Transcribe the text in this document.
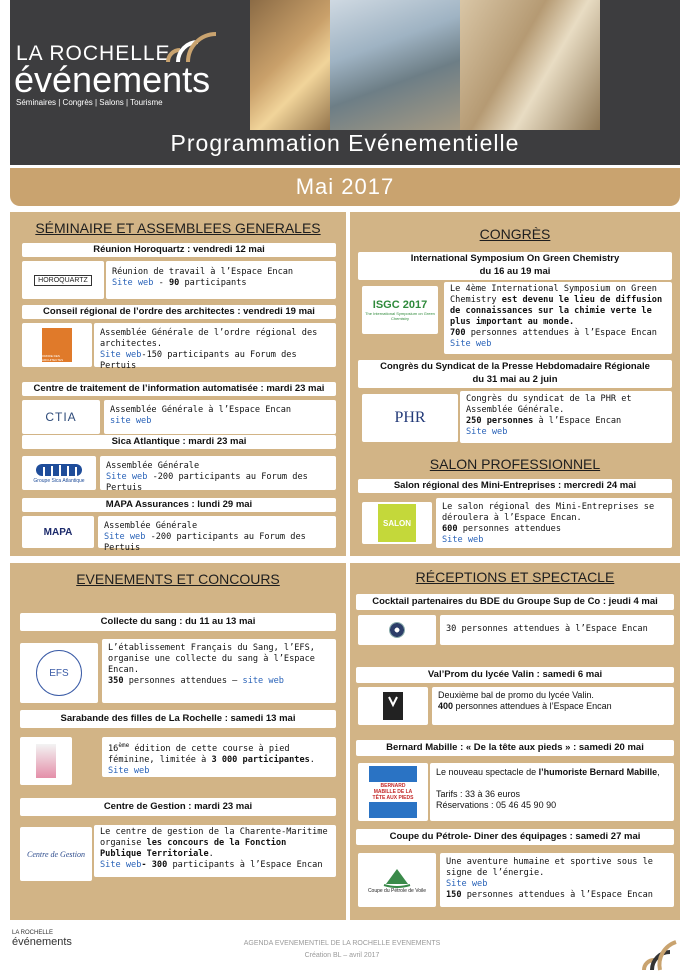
LA ROCHELLE
événements
Séminaires | Congrès | Salons | Tourisme
Programmation Evénementielle
Mai 2017
SÉMINAIRE ET ASSEMBLEES GENERALES
Réunion Horoquartz : vendredi 12 mai
HOROQUARTZ
Réunion de travail à l’Espace Encan
Site web - 90 participants
Conseil régional de l’ordre des architectes : vendredi 19 mai
ORDRE DES ARCHITECTES
Assemblée Générale de l’ordre régional des architectes.
Site web-150 participants au Forum des Pertuis
Centre de traitement de l’information automatisée : mardi 23 mai
CTIA	Assemblée Générale à l’Espace Encan
site web
Sica Atlantique : mardi 23 mai
Groupe Sica Atlantique
Assemblée Générale
Site web -200 participants au Forum des Pertuis
MAPA Assurances : lundi 29 mai
MAPA
Assemblée Générale
Site web -200 participants au Forum des Pertuis
CONGRÈS
International Symposium On Green Chemistry
du 16 au 19 mai
ISGC 2017
The International Symposium on Green Chemistry
Le 4ème International Symposium on Green Chemistry est devenu le lieu de diffusion de connaissances sur la chimie verte le plus important au monde.
700 personnes attendues à l’Espace Encan
Site web
Congrès du Syndicat de la Presse Hebdomadaire Régionale
du 31 mai au 2 juin
PHR
Congrès du syndicat de la PHR et Assemblée Générale.
250 personnes à l’Espace Encan
Site web
SALON PROFESSIONNEL
Salon régional des Mini-Entreprises : mercredi 24 mai
SALON
Le salon régional des Mini-Entreprises se déroulera à l’Espace Encan.
600 personnes attendues
Site web
EVENEMENTS ET CONCOURS
Collecte du sang : du 11 au 13 mai
EFS
L’établissement Français du Sang, l’EFS, organise une collecte du sang à l’Espace Encan.
350 personnes attendues – site web
Sarabande des filles de La Rochelle : samedi 13 mai
16ème édition de cette course à pied féminine, limitée à 3 000 participantes.
Site web
Centre de Gestion : mardi 23 mai
Centre de Gestion
Le centre de gestion de la Charente-Maritime organise les concours de la Fonction Publique Territoriale.
Site web- 300 participants à l’Espace Encan
RÉCEPTIONS ET SPECTACLE
Cocktail partenaires du BDE du Groupe Sup de Co : jeudi 4 mai
30 personnes attendues à l’Espace Encan
Val’Prom du lycée Valin : samedi 6 mai
Deuxième bal de promo du lycée Valin.
400 personnes attendues à l’Espace Encan
Bernard Mabille : « De la tête aux pieds » : samedi 20 mai
BERNARD MABILLE DE LA TÊTE AUX PIEDS
Le nouveau spectacle de l’humoriste Bernard Mabille,

Tarifs : 33 à 36 euros
Réservations : 05 46 45 90 90
Coupe du Pétrole- Diner des équipages : samedi 27 mai
Coupe du Pétrole de Voile
Une aventure humaine et sportive sous le signe de l’énergie.
Site web
150 personnes attendues à l’Espace Encan
LA ROCHELLE
événements	AGENDA EVENEMENTIEL DE LA ROCHELLE EVENEMENTS
Création BL – avril 2017
